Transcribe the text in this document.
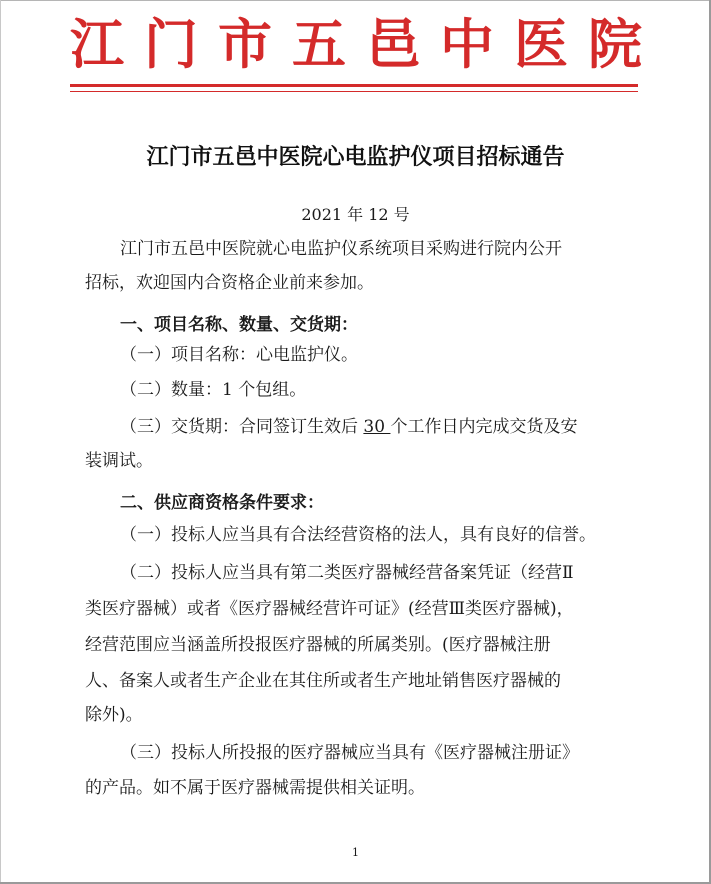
江 门 市 五 邑 中 医 院
江门市五邑中医院心电监护仪项目招标通告
2021 年 12 号
江门市五邑中医院就心电监护仪系统项目采购进行院内公开
招标，欢迎国内合资格企业前来参加。
一、项目名称、数量、交货期：
（一）项目名称：心电监护仪。
（二）数量：1 个包组。
（三）交货期：合同签订生效后 30 个工作日内完成交货及安
装调试。
二、供应商资格条件要求：
（一）投标人应当具有合法经营资格的法人，具有良好的信誉。
（二）投标人应当具有第二类医疗器械经营备案凭证（经营Ⅱ
类医疗器械）或者《医疗器械经营许可证》(经营Ⅲ类医疗器械)，
经营范围应当涵盖所投报医疗器械的所属类别。(医疗器械注册
人、备案人或者生产企业在其住所或者生产地址销售医疗器械的
除外)。
（三）投标人所投报的医疗器械应当具有《医疗器械注册证》
的产品。如不属于医疗器械需提供相关证明。
1
